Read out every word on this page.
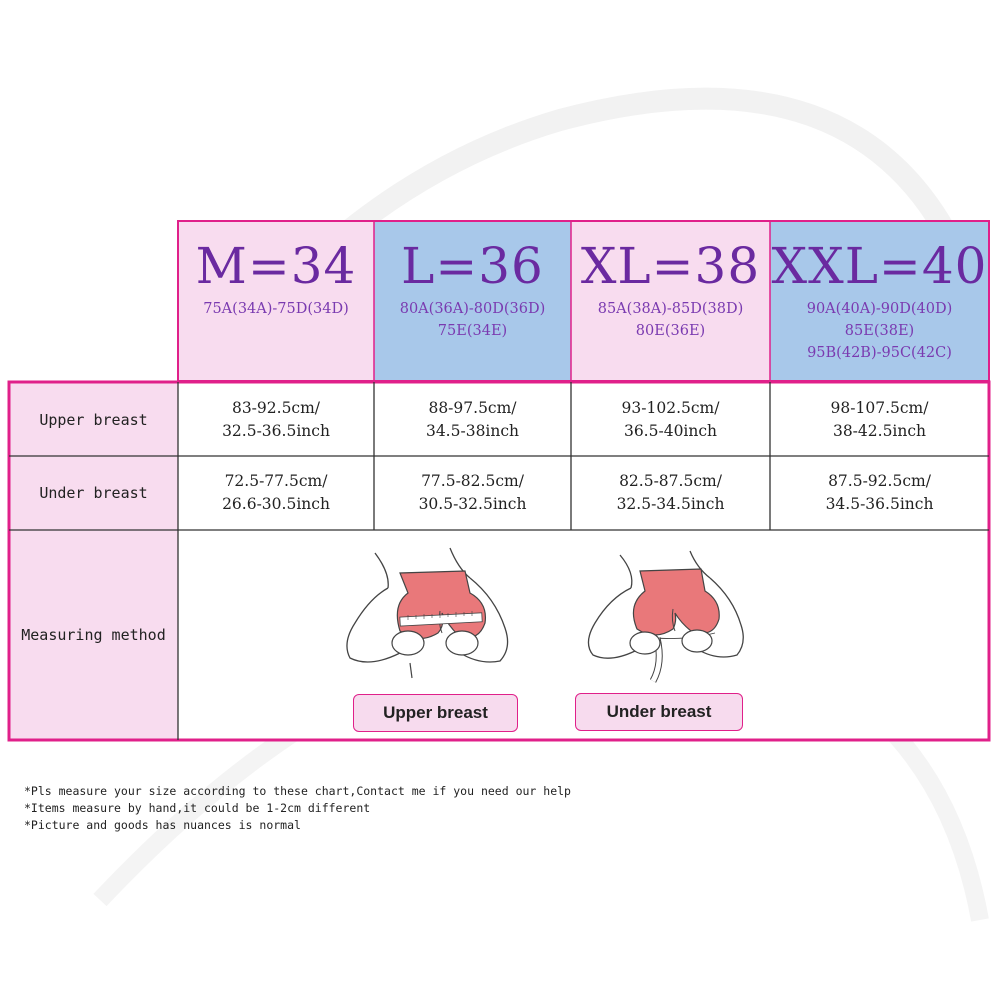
M=34
75A(34A)-75D(34D)
L=36
80A(36A)-80D(36D)
75E(34E)
XL=38
85A(38A)-85D(38D)
80E(36E)
XXL=40
90A(40A)-90D(40D)
85E(38E)
95B(42B)-95C(42C)
Upper breast
Under breast
Measuring method
83-92.5cm/
32.5-36.5inch
72.5-77.5cm/
26.6-30.5inch
88-97.5cm/
34.5-38inch
77.5-82.5cm/
30.5-32.5inch
93-102.5cm/
36.5-40inch
82.5-87.5cm/
32.5-34.5inch
98-107.5cm/
38-42.5inch
87.5-92.5cm/
34.5-36.5inch
Upper breast	Under breast
*Pls measure your size according to these chart,Contact me if you need our help
*Items measure by hand,it could be 1-2cm different
*Picture and goods has nuances is normal
